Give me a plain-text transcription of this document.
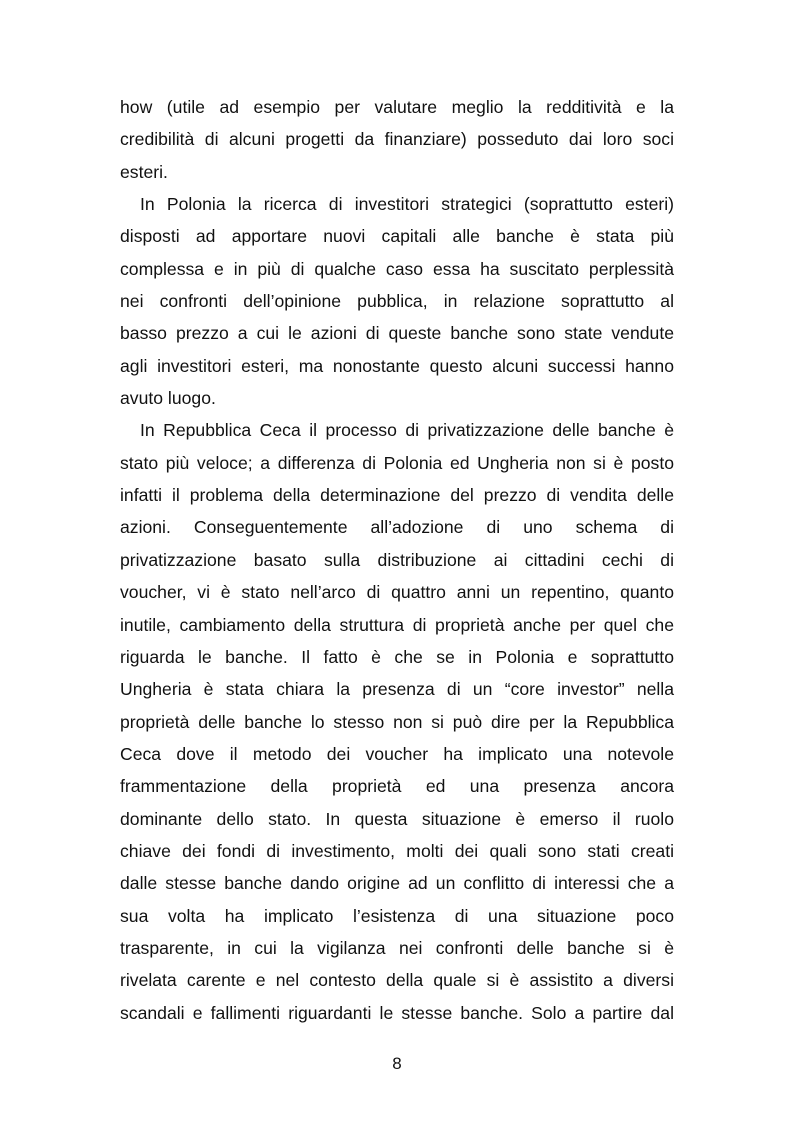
how (utile ad esempio per valutare meglio la redditività e la
credibilità di alcuni progetti da finanziare) posseduto dai loro soci
esteri.
In Polonia la ricerca di investitori strategici (soprattutto esteri)
disposti ad apportare nuovi capitali alle banche è stata più
complessa e in più di qualche caso essa ha suscitato perplessità
nei confronti dell’opinione pubblica, in relazione soprattutto al
basso prezzo a cui le azioni di queste banche sono state vendute
agli investitori esteri, ma nonostante questo alcuni successi hanno
avuto luogo.
In Repubblica Ceca il processo di privatizzazione delle banche è
stato più veloce; a differenza di Polonia ed Ungheria non si è posto
infatti il problema della determinazione del prezzo di vendita delle
azioni. Conseguentemente all’adozione di uno schema di
privatizzazione basato sulla distribuzione ai cittadini cechi di
voucher, vi è stato nell’arco di quattro anni un repentino, quanto
inutile, cambiamento della struttura di proprietà anche per quel che
riguarda le banche. Il fatto è che se in Polonia e soprattutto
Ungheria è stata chiara la presenza di un “core investor” nella
proprietà delle banche lo stesso non si può dire per la Repubblica
Ceca dove il metodo dei voucher ha implicato una notevole
frammentazione della proprietà ed una presenza ancora
dominante dello stato. In questa situazione è emerso il ruolo
chiave dei fondi di investimento, molti dei quali sono stati creati
dalle stesse banche dando origine ad un conflitto di interessi che a
sua volta ha implicato l’esistenza di una situazione poco
trasparente, in cui la vigilanza nei confronti delle banche si è
rivelata carente e nel contesto della quale si è assistito a diversi
scandali e fallimenti riguardanti le stesse banche. Solo a partire dal
8
